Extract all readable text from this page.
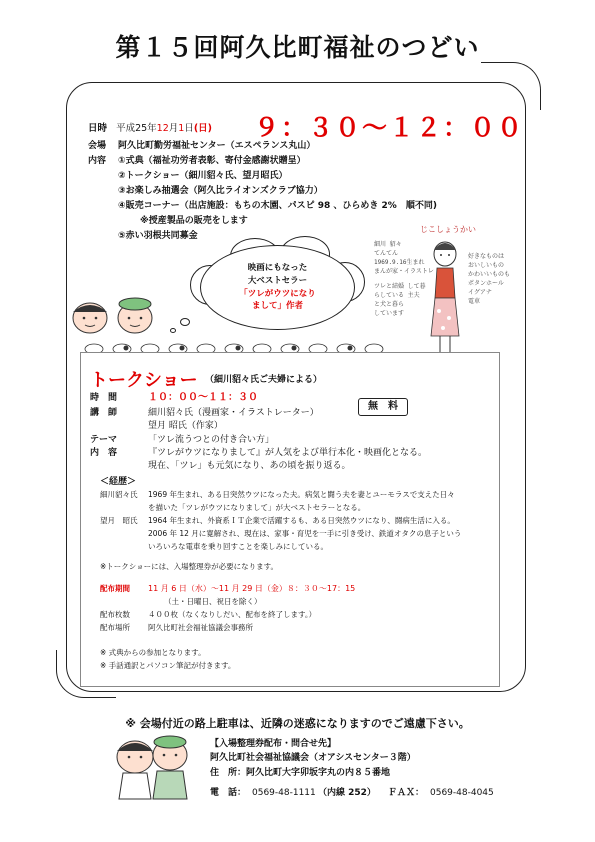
第１５回阿久比町福祉のつどい
日時 平成25年12月1日(日) ９：３０～１２：００
会場 阿久比町勤労福祉センター（エスペランス丸山）
内容 ①式典（福祉功労者表彰、寄付金感謝状贈呈）
②トークショー（細川貂々氏、望月昭氏）
③お楽しみ抽選会（阿久比ライオンズクラブ協力）
④販売コーナー（出店施設：もちの木園、パスピ 98 、ひらめき 2%　順不同)
※授産製品の販売をします
⑤赤い羽根共同募金
じこしょうかい
細川 貂々
てんてん
1969.9.16生まれ
まんが家・イラストレ
ツレと結婚 して暮
らしている 主夫
と犬と暮ら
しています
好きなものは
おいしいもの
かわいいものも
ボタンホール
イグアナ
電車
映画にもなった
大ベストセラー
「ツレがウツになり
まして」作者
トークショー （細川貂々氏ご夫婦による）
時　間	１０：００～１１：３０
講　師	細川貂々氏（漫画家・イラストレーター）
望月 昭氏（作家）
無　料
テーマ	「ツレ流うつとの付き合い方」
内　容	『ツレがウツになりまして』が人気をよび単行本化・映画化となる。
現在、「ツレ」も元気になり、あの頃を振り返る。
＜経歴＞
細川貂々氏 1969 年生まれ、ある日突然ウツになった夫。病気と闘う夫を妻とユーモラスで支えた日々
を描いた「ツレがウツになりまして」が大ベストセラーとなる。
望月　昭氏 1964 年生まれ、外資系ＩＴ企業で活躍するも、ある日突然ウツになり、闘病生活に入る。
2006 年 12 月に寛解され、現在は、家事・育児を一手に引き受け、鉄道オタクの息子という
いろいろな電車を乗り回すことを楽しみにしている。
※トークショーには、入場整理券が必要になります。
配布期間 11 月 6 日（水）～11 月 29 日（金）８：３０～17：15
（土・日曜日、祝日を除く）
配布枚数 ４００枚（なくなりしだい、配布を終了します。）
配布場所 阿久比町社会福祉協議会事務所
※ 式典からの参加となります。
※ 手話通訳とパソコン筆記が付きます。
※ 会場付近の路上駐車は、近隣の迷惑になりますのでご遠慮下さい。
【入場整理券配布・問合せ先】
阿久比町社会福祉協議会（オアシスセンター３階）
住　所：阿久比町大字卯坂字丸の内８５番地
電　話： 0569-48-1111 （内線 252） ＦＡＸ： 0569-48-4045
